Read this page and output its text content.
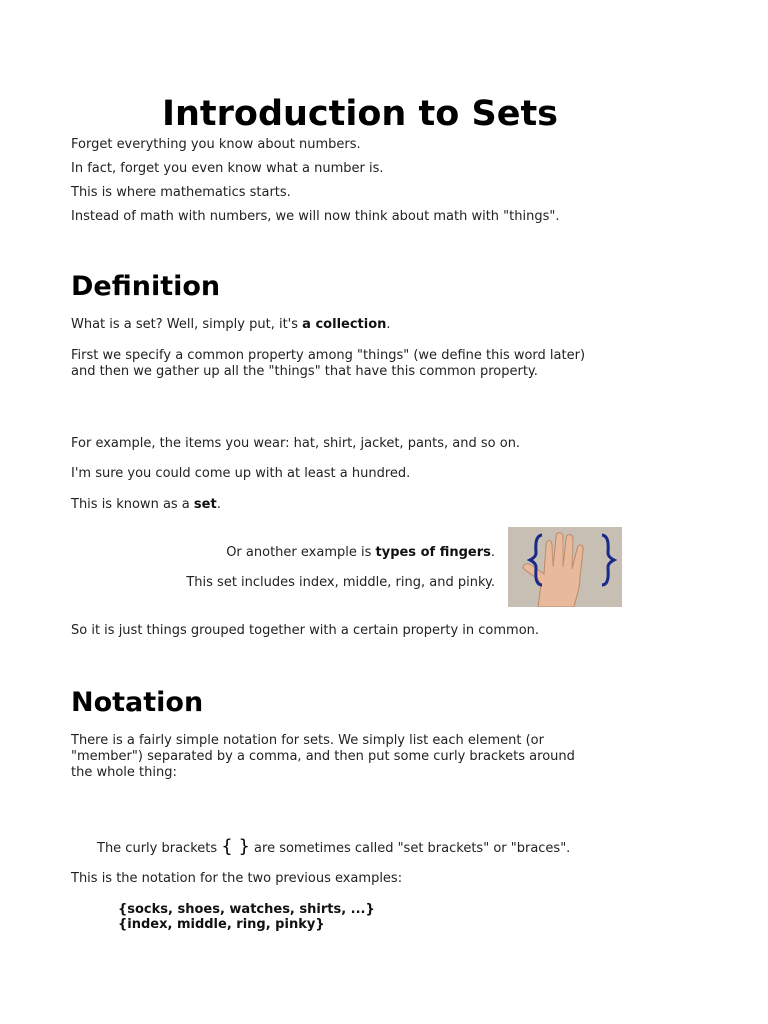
Introduction to Sets

Forget everything you know about numbers.

In fact, forget you even know what a number is.

This is where mathematics starts.

Instead of math with numbers, we will now think about math with "things".

Definition

What is a set? Well, simply put, it's a collection.

First we specify a common property among "things" (we define this word later)

and then we gather up all the "things" that have this common property.

For example, the items you wear: hat, shirt, jacket, pants, and so on.

I'm sure you could come up with at least a hundred.

This is known as a set.

Or another example is types of fingers.

This set includes index, middle, ring, and pinky.

So it is just things grouped together with a certain property in common.

Notation

There is a fairly simple notation for sets. We simply list each element (or

"member") separated by a comma, and then put some curly brackets around

the whole thing:

The curly brackets { } are sometimes called "set brackets" or "braces".

This is the notation for the two previous examples:

{socks, shoes, watches, shirts, ...}

{index, middle, ring, pinky}
